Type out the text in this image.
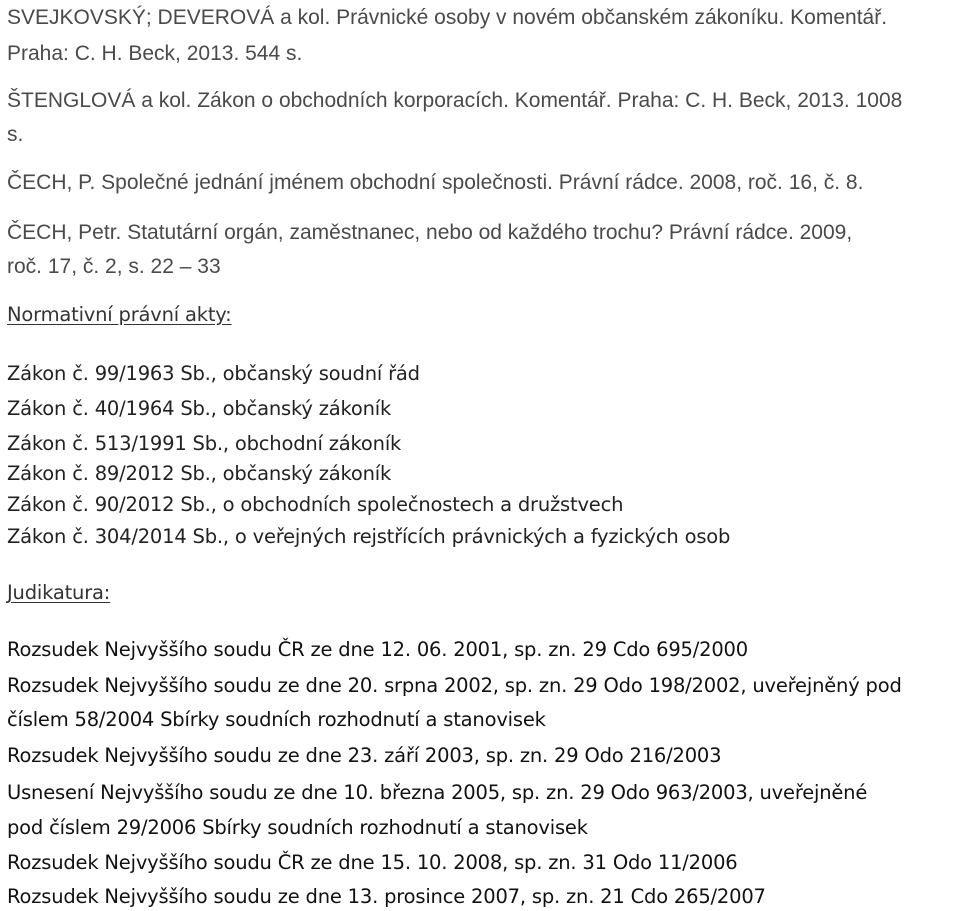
SVEJKOVSKÝ; DEVEROVÁ a kol. Právnické osoby v novém občanském zákoníku. Komentář.

Praha: C. H. Beck, 2013. 544 s.

ŠTENGLOVÁ a kol. Zákon o obchodních korporacích. Komentář. Praha: C. H. Beck, 2013. 1008

s.

ČECH, P. Společné jednání jménem obchodní společnosti. Právní rádce. 2008, roč. 16, č. 8.

ČECH, Petr. Statutární orgán, zaměstnanec, nebo od každého trochu? Právní rádce. 2009,

roč. 17, č. 2, s. 22 – 33

Normativní právní akty:

Zákon č. 99/1963 Sb., občanský soudní řád

Zákon č. 40/1964 Sb., občanský zákoník

Zákon č. 513/1991 Sb., obchodní zákoník

Zákon č. 89/2012 Sb., občanský zákoník

Zákon č. 90/2012 Sb., o obchodních společnostech a družstvech

Zákon č. 304/2014 Sb., o veřejných rejstřících právnických a fyzických osob

Judikatura:

Rozsudek Nejvyššího soudu ČR ze dne 12. 06. 2001, sp. zn. 29 Cdo 695/2000

Rozsudek Nejvyššího soudu ze dne 20. srpna 2002, sp. zn. 29 Odo 198/2002, uveřejněný pod

číslem 58/2004 Sbírky soudních rozhodnutí a stanovisek

Rozsudek Nejvyššího soudu ze dne 23. září 2003, sp. zn. 29 Odo 216/2003

Usnesení Nejvyššího soudu ze dne 10. března 2005, sp. zn. 29 Odo 963/2003, uveřejněné

pod číslem 29/2006 Sbírky soudních rozhodnutí a stanovisek

Rozsudek Nejvyššího soudu ČR ze dne 15. 10. 2008, sp. zn. 31 Odo 11/2006

Rozsudek Nejvyššího soudu ze dne 13. prosince 2007, sp. zn. 21 Cdo 265/2007
